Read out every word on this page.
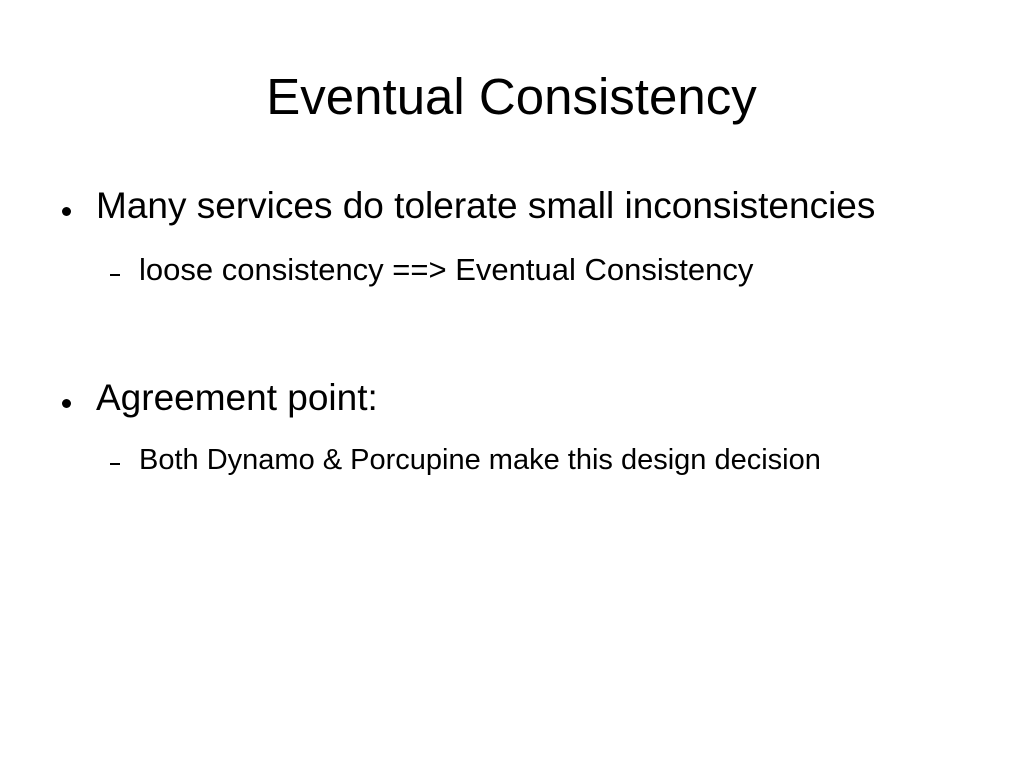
Eventual Consistency
Many services do tolerate small inconsistencies
loose consistency ==> Eventual Consistency
Agreement point:
Both Dynamo & Porcupine make this design decision
